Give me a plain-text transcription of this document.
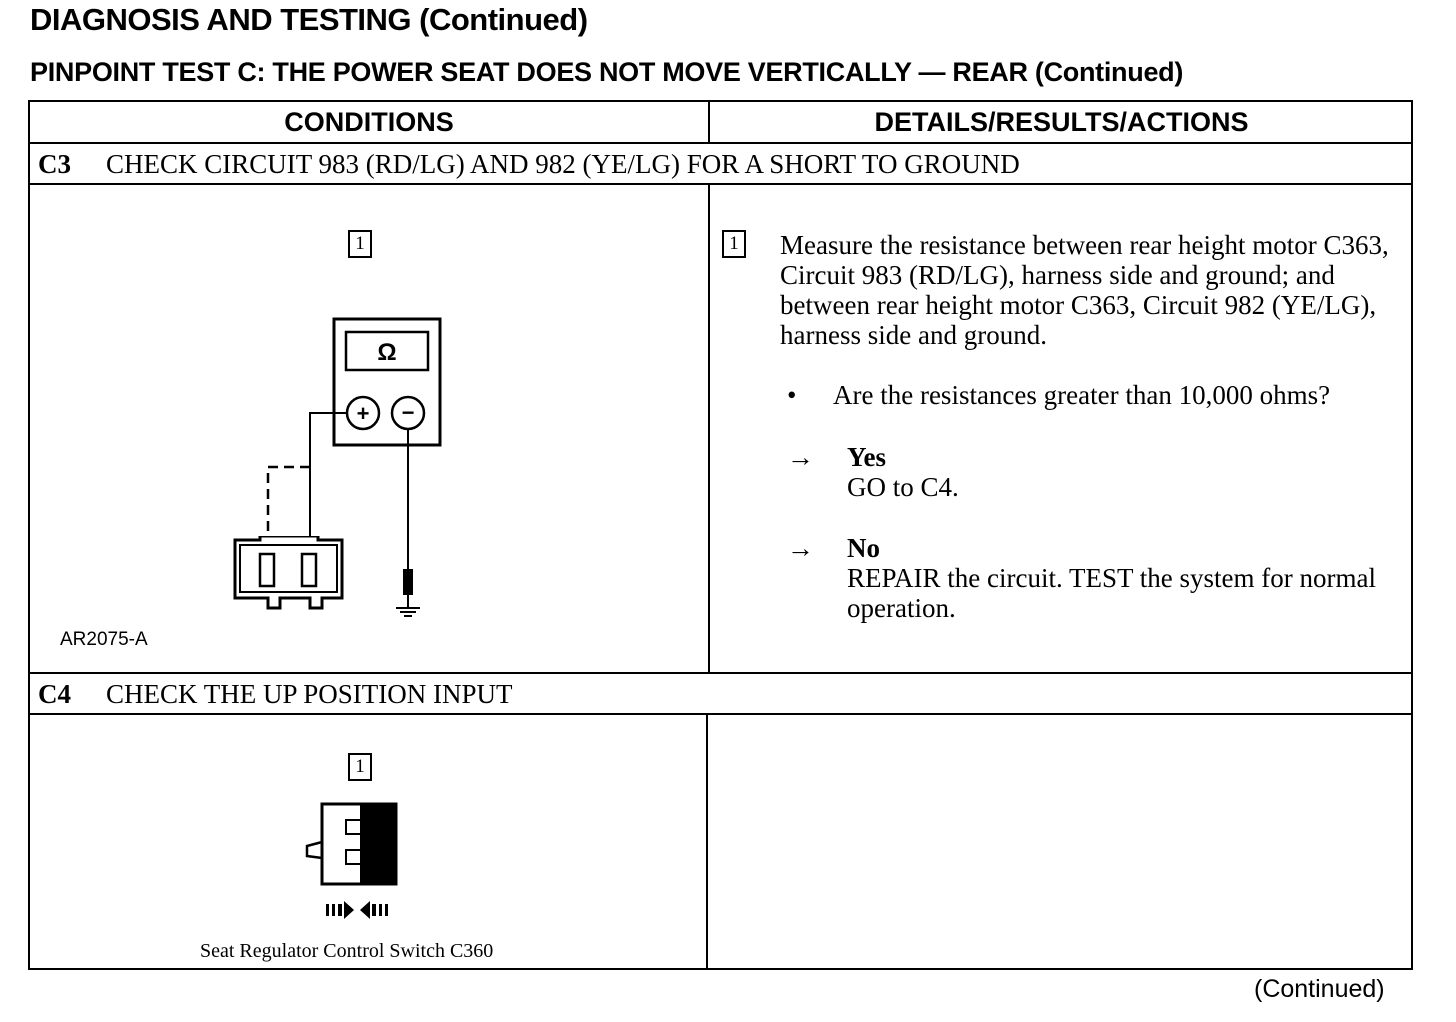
DIAGNOSIS AND TESTING (Continued)
PINPOINT TEST C: THE POWER SEAT DOES NOT MOVE VERTICALLY — REAR (Continued)
CONDITIONS	DETAILS/RESULTS/ACTIONS
C3 CHECK CIRCUIT 983 (RD/LG) AND 982 (YE/LG) FOR A SHORT TO GROUND
1
Ω
+ −
AR2075-A
1 Measure the resistance between rear height motor C363, Circuit 983 (RD/LG), harness side and ground; and between rear height motor C363, Circuit 982 (YE/LG), harness side and ground.
• Are the resistances greater than 10,000 ohms?
→	Yes
GO to C4.
→	No
REPAIR the circuit. TEST the system for normal operation.
C4 CHECK THE UP POSITION INPUT
1
Seat Regulator Control Switch C360
(Continued)
